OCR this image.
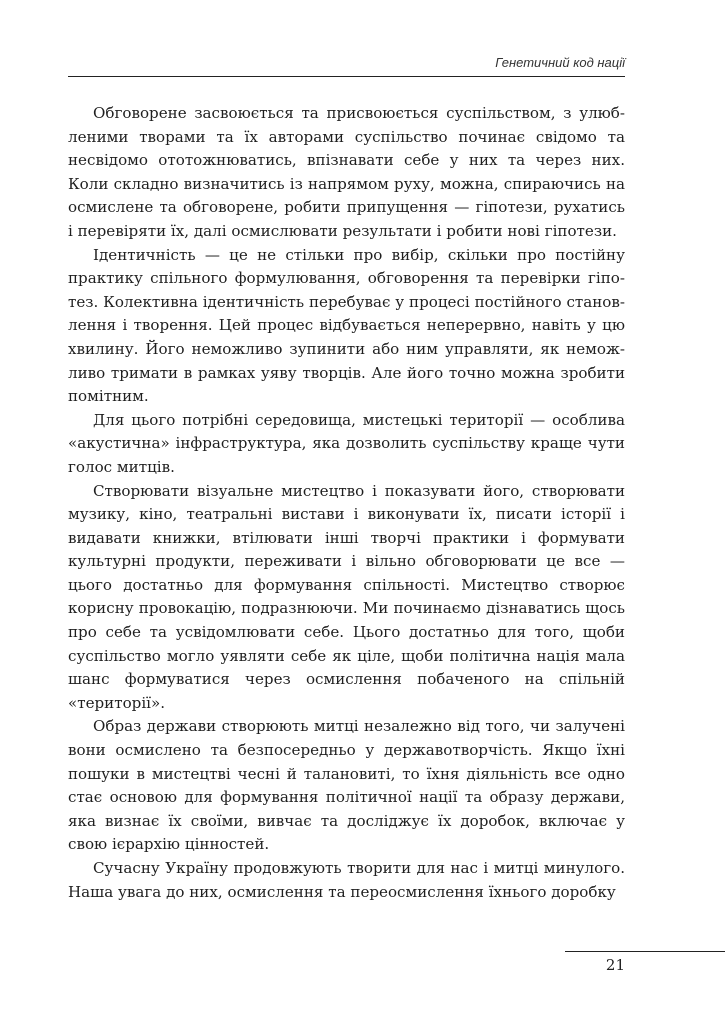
Генетичний код нації

Обговорене засвоюється та присвоюється суспільством, з улюбленими творами та їх авторами суспільство починає свідомо та несвідомо ототожнюватись, впізнавати себе у них та через них. Коли складно визначитись із напрямом руху, можна, спираючись на осмислене та обговорене, робити припущення — гіпотези, рухатись і перевіряти їх, далі осмислювати результати і робити нові гіпотези.

Ідентичність — це не стільки про вибір, скільки про постійну практику спільного формулювання, обговорення та перевірки гіпотез. Колективна ідентичність перебуває у процесі постійного становлення і творення. Цей процес відбувається неперервно, навіть у цю хвилину. Його неможливо зупинити або ним управляти, як неможливо тримати в рамках уяву творців. Але його точно можна зробити помітним.

Для цього потрібні середовища, мистецькі території — особлива «акустична» інфраструктура, яка дозволить суспільству краще чути голос митців.

Створювати візуальне мистецтво і показувати його, створювати музику, кіно, театральні вистави і виконувати їх, писати історії і видавати книжки, втілювати інші творчі практики і формувати культурні продукти, переживати і вільно обговорювати це все — цього достатньо для формування спільності. Мистецтво створює корисну провокацію, подразнюючи. Ми починаємо дізнаватись щось про себе та усвідомлювати себе. Цього достатньо для того, щоби суспільство могло уявляти себе як ціле, щоби політична нація мала шанс формуватися через осмислення побаченого на спільній «території».

Образ держави створюють митці незалежно від того, чи залучені вони осмислено та безпосередньо у державотворчість. Якщо їхні пошуки в мистецтві чесні й талановиті, то їхня діяльність все одно стає основою для формування політичної нації та образу держави, яка визнає їх своїми, вивчає та досліджує їх доробок, включає у свою ієрархію цінностей.

Сучасну Україну продовжують творити для нас і митці минулого. Наша увага до них, осмислення та переосмислення їхнього доробку

21
